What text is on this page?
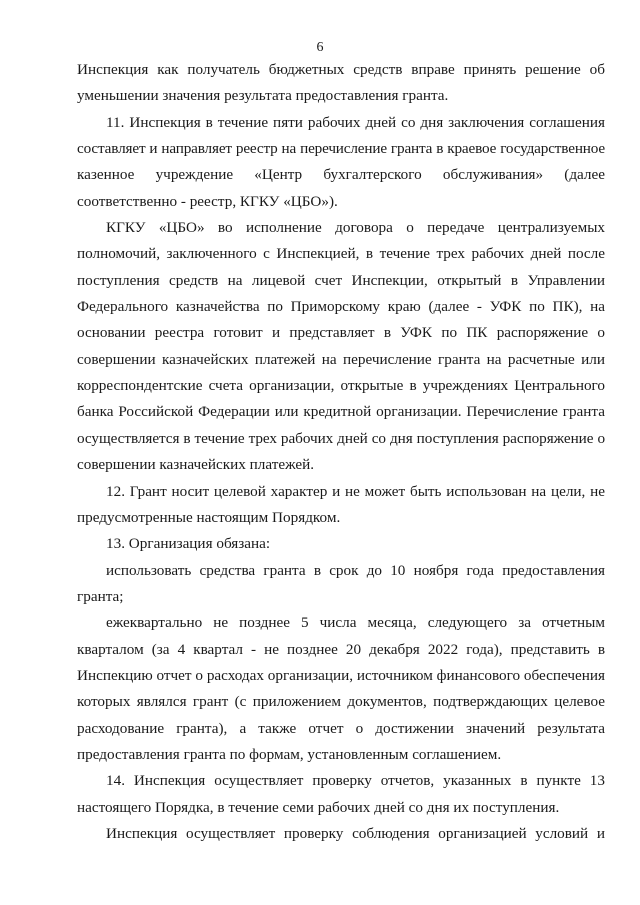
6

Инспекция как получатель бюджетных средств вправе принять решение об

уменьшении значения результата предоставления гранта.

11. Инспекция в течение пяти рабочих дней со дня заключения соглашения

составляет и направляет реестр на перечисление гранта в краевое государственное

казенное учреждение «Центр бухгалтерского обслуживания» (далее

соответственно - реестр, КГКУ «ЦБО»).

КГКУ «ЦБО» во исполнение договора о передаче централизуемых

полномочий, заключенного с Инспекцией, в течение трех рабочих дней после

поступления средств на лицевой счет Инспекции, открытый в Управлении

Федерального казначейства по Приморскому краю (далее - УФК по ПК), на

основании реестра готовит и представляет в УФК по ПК распоряжение о

совершении казначейских платежей на перечисление гранта на расчетные или

корреспондентские счета организации, открытые в учреждениях Центрального

банка Российской Федерации или кредитной организации. Перечисление гранта

осуществляется в течение трех рабочих дней со дня поступления распоряжение о

совершении казначейских платежей.

12. Грант носит целевой характер и не может быть использован на цели, не

предусмотренные настоящим Порядком.

13. Организация обязана:

использовать средства гранта в срок до 10 ноября года предоставления

гранта;

ежеквартально не позднее 5 числа месяца, следующего за отчетным

кварталом (за 4 квартал - не позднее 20 декабря 2022 года), представить в

Инспекцию отчет о расходах организации, источником финансового обеспечения

которых являлся грант (с приложением документов, подтверждающих целевое

расходование гранта), а также отчет о достижении значений результата

предоставления гранта по формам, установленным соглашением.

14. Инспекция осуществляет проверку отчетов, указанных в пункте 13

настоящего Порядка, в течение семи рабочих дней со дня их поступления.

Инспекция осуществляет проверку соблюдения организацией условий и
